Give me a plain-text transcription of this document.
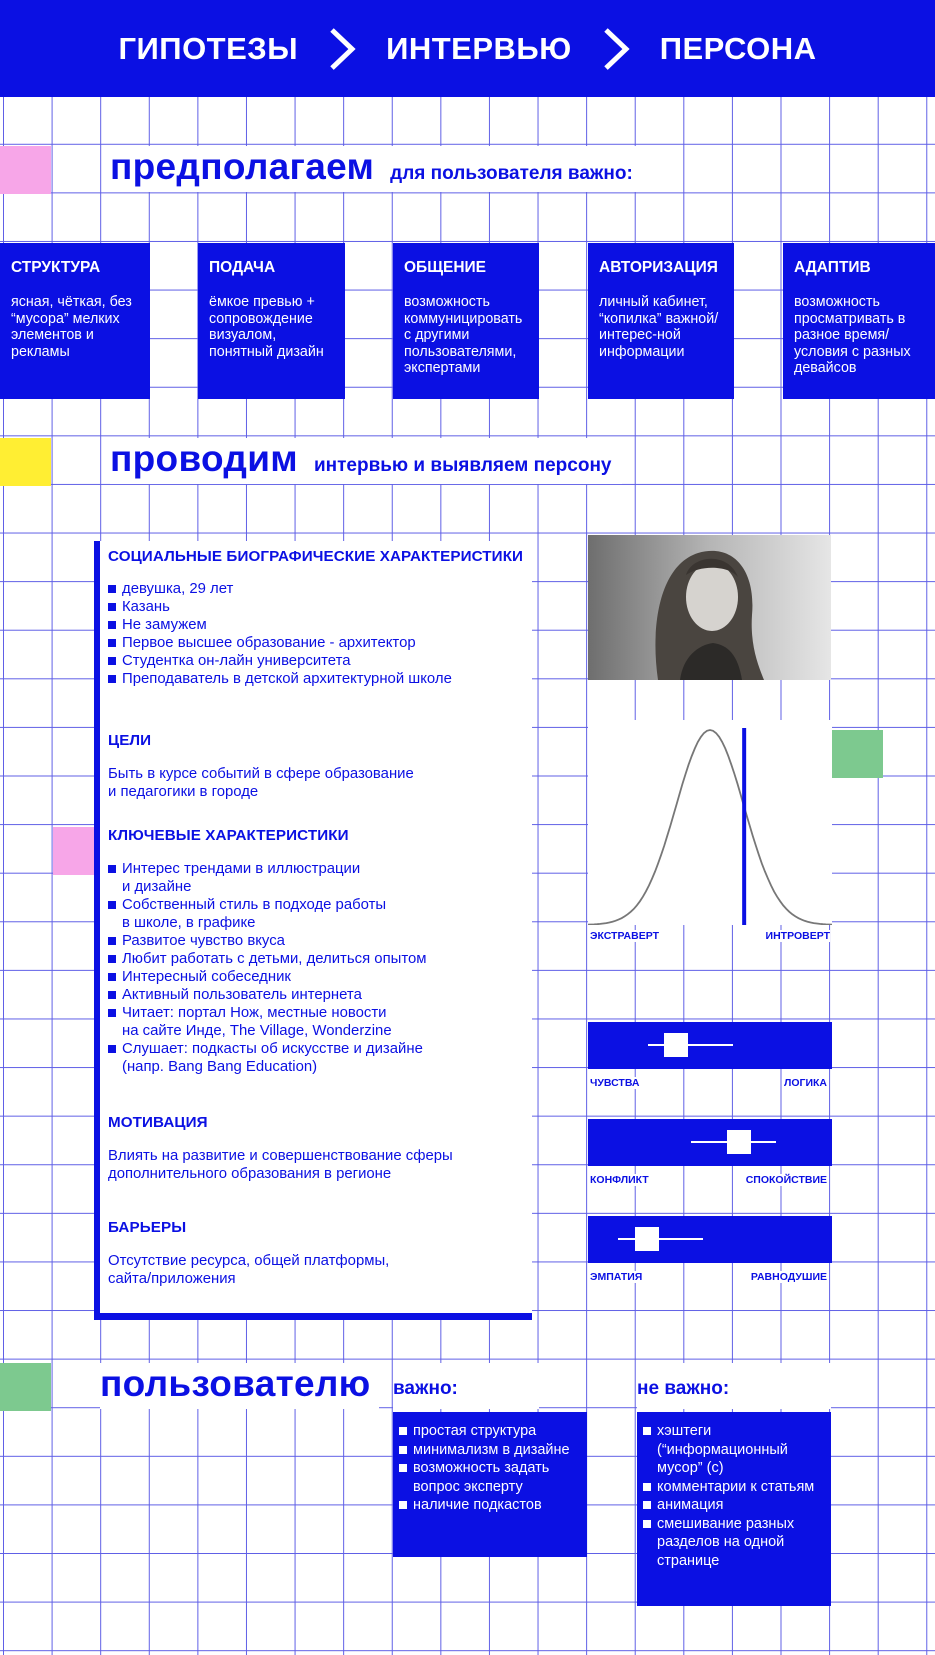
ГИПОТЕЗЫ	ИНТЕРВЬЮ	ПЕРСОНА
предполагаем для пользователя важно:
СТРУКТУРА
ясная, чёткая, без “мусора” мелких элементов и рекламы
ПОДАЧА
ёмкое превью + сопровождение визуалом, понятный дизайн
ОБЩЕНИЕ
возможность коммуницировать с другими пользователями, экспертами
АВТОРИЗАЦИЯ
личный кабинет, “копилка” важной/интерес-ной информации
АДАПТИВ
возможность просматривать в разное время/условия с разных девайсов
проводим интервью и выявляем персону
СОЦИАЛЬНЫЕ БИОГРАФИЧЕСКИЕ ХАРАКТЕРИСТИКИ
девушка, 29 лет
Казань
Не замужем
Первое высшее образование - архитектор
Студентка он-лайн университета
Преподаватель в детской архитектурной школе
ЦЕЛИ

Быть в курсе событий в сфере образование

и педагогики в городе

КЛЮЧЕВЫЕ ХАРАКТЕРИСТИКИ
Интерес трендами в иллюстрации
и дизайне
Собственный стиль в подходе работы
в школе, в графике
Развитое чувство вкуса
Любит работать с детьми, делиться опытом
Интересный собеседник
Активный пользователь интернета
Читает: портал Нож, местные новости
на сайте Инде, The Village, Wonderzine
Слушает: подкасты об искусстве и дизайне
(напр. Bang Bang Education)
МОТИВАЦИЯ

Влиять на развитие и совершенствование сферы

дополнительного образования в регионе

БАРЬЕРЫ

Отсутствие ресурса, общей платформы,

сайта/приложения

ЭКСТРАВЕРТ	ИНТРОВЕРТ
ЧУВСТВА	ЛОГИКА
КОНФЛИКТ	СПОКОЙСТВИЕ
ЭМПАТИЯ	РАВНОДУШИЕ
пользователю важно:	не важно:
простая структура
минимализм в дизайне
возможность задать вопрос эксперту
наличие подкастов
хэштеги (“информационный мусор” (с)
комментарии к статьям
анимация
смешивание разных разделов на одной странице
